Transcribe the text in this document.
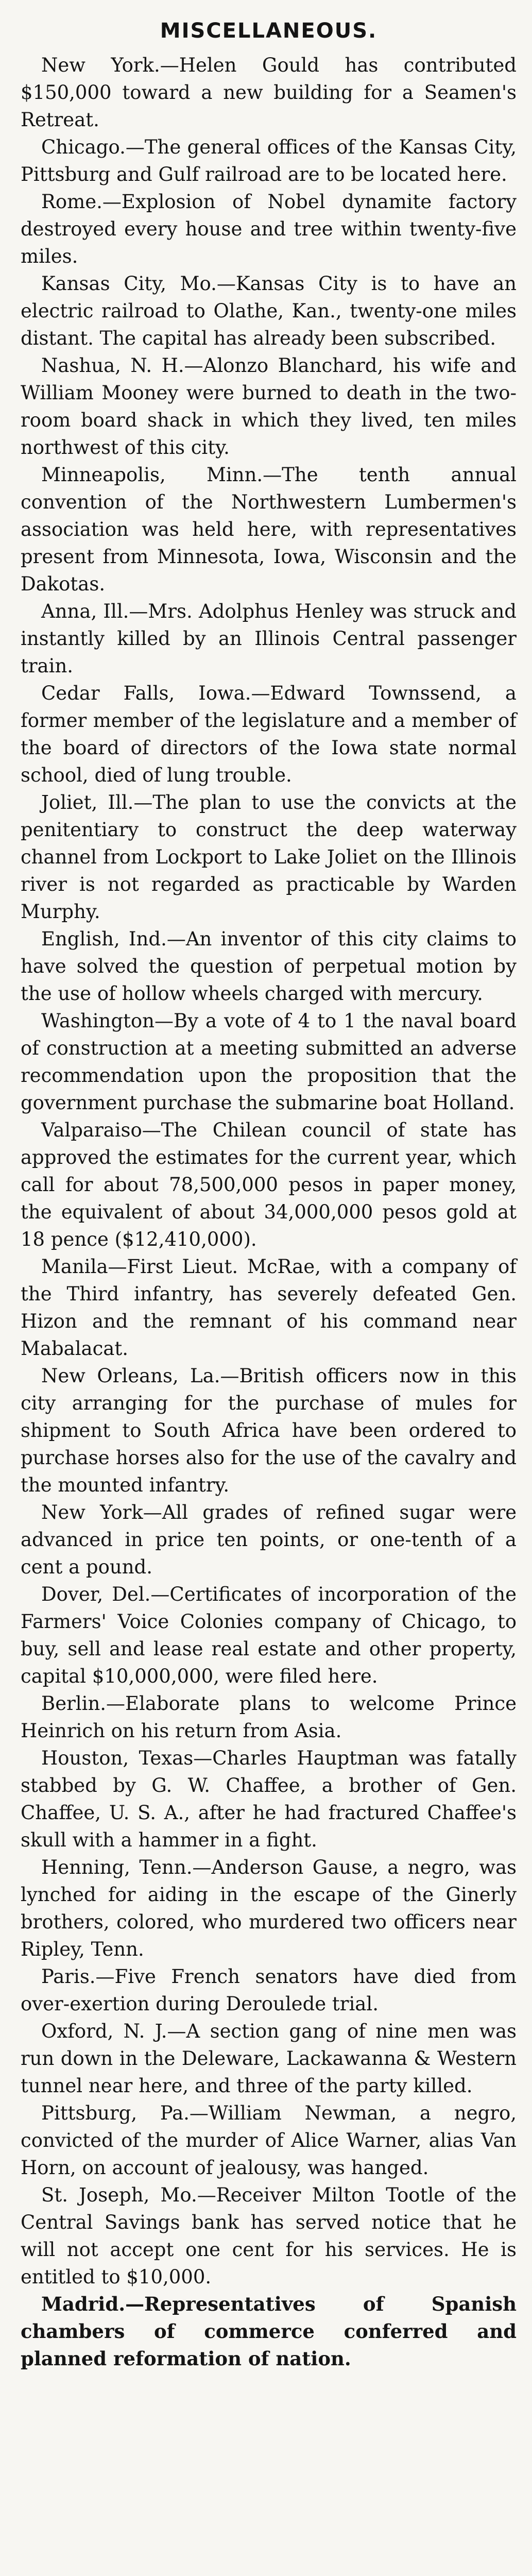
MISCELLANEOUS.

New York.—Helen Gould has contributed $150,000 toward a new building for a Seamen's Retreat.

Chicago.—The general offices of the Kansas City, Pittsburg and Gulf railroad are to be located here.

Rome.—Explosion of Nobel dynamite factory destroyed every house and tree within twenty-five miles.

Kansas City, Mo.—Kansas City is to have an electric railroad to Olathe, Kan., twenty-one miles distant. The capital has already been subscribed.

Nashua, N. H.—Alonzo Blanchard, his wife and William Mooney were burned to death in the two-room board shack in which they lived, ten miles northwest of this city.

Minneapolis, Minn.—The tenth annual convention of the Northwestern Lumbermen's association was held here, with representatives present from Minnesota, Iowa, Wisconsin and the Dakotas.

Anna, Ill.—Mrs. Adolphus Henley was struck and instantly killed by an Illinois Central passenger train.

Cedar Falls, Iowa.—Edward Townssend, a former member of the legislature and a member of the board of directors of the Iowa state normal school, died of lung trouble.

Joliet, Ill.—The plan to use the convicts at the penitentiary to construct the deep waterway channel from Lockport to Lake Joliet on the Illinois river is not regarded as practicable by Warden Murphy.

English, Ind.—An inventor of this city claims to have solved the question of perpetual motion by the use of hollow wheels charged with mercury.

Washington—By a vote of 4 to 1 the naval board of construction at a meeting submitted an adverse recommendation upon the proposition that the government purchase the submarine boat Holland.

Valparaiso—The Chilean council of state has approved the estimates for the current year, which call for about 78,500,000 pesos in paper money, the equivalent of about 34,000,000 pesos gold at 18 pence ($12,410,000).

Manila—First Lieut. McRae, with a company of the Third infantry, has severely defeated Gen. Hizon and the remnant of his command near Mabalacat.

New Orleans, La.—British officers now in this city arranging for the purchase of mules for shipment to South Africa have been ordered to purchase horses also for the use of the cavalry and the mounted infantry.

New York—All grades of refined sugar were advanced in price ten points, or one-tenth of a cent a pound.

Dover, Del.—Certificates of incorporation of the Farmers' Voice Colonies company of Chicago, to buy, sell and lease real estate and other property, capital $10,000,000, were filed here.

Berlin.—Elaborate plans to welcome Prince Heinrich on his return from Asia.

Houston, Texas—Charles Hauptman was fatally stabbed by G. W. Chaffee, a brother of Gen. Chaffee, U. S. A., after he had fractured Chaffee's skull with a hammer in a fight.

Henning, Tenn.—Anderson Gause, a negro, was lynched for aiding in the escape of the Ginerly brothers, colored, who murdered two officers near Ripley, Tenn.

Paris.—Five French senators have died from over-exertion during Deroulede trial.

Oxford, N. J.—A section gang of nine men was run down in the Deleware, Lackawanna & Western tunnel near here, and three of the party killed.

Pittsburg, Pa.—William Newman, a negro, convicted of the murder of Alice Warner, alias Van Horn, on account of jealousy, was hanged.

St. Joseph, Mo.—Receiver Milton Tootle of the Central Savings bank has served notice that he will not accept one cent for his services. He is entitled to $10,000.

Madrid.—Representatives of Spanish chambers of commerce conferred and planned reformation of nation.
